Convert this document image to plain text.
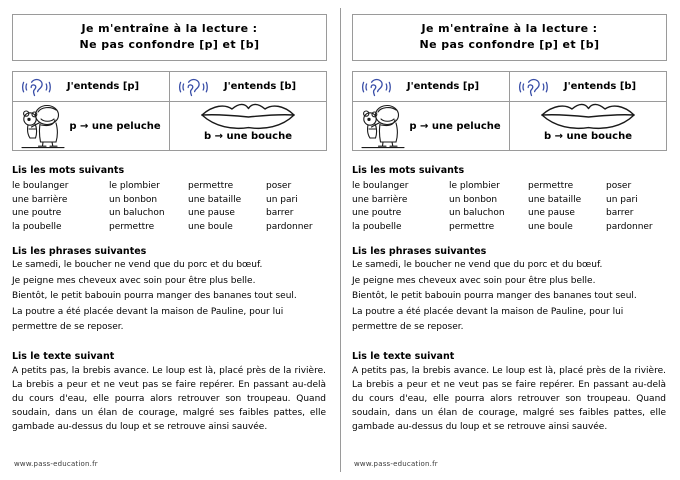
Je m'entraîne à la lecture :
Ne pas confondre [p] et [b]
J'entends [p]	J'entends [b]

p → une peluche	b → une bouche

Lis les mots suivants

le boulanger	le plombier	permettre	poser
une barrière	un bonbon	une bataille	un pari
une poutre	un baluchon	une pause	barrer
la poubelle	permettre	une boule	pardonner

Lis les phrases suivantes

Le samedi, le boucher ne vend que du porc et du bœuf.
Je peigne mes cheveux avec soin pour être plus belle.
Bientôt, le petit babouin pourra manger des bananes tout seul.
La poutre a été placée devant la maison de Pauline, pour lui permettre de se reposer.

Lis le texte suivant

A petits pas, la brebis avance. Le loup est là, placé près de la rivière. La brebis a peur et ne veut pas se faire repérer. En passant au-delà du cours d'eau, elle pourra alors retrouver son troupeau. Quand soudain, dans un élan de courage, malgré ses faibles pattes, elle gambade au-dessus du loup et se retrouve ainsi sauvée.
www.pass-education.fr
Je m'entraîne à la lecture :
Ne pas confondre [p] et [b]
J'entends [p]	J'entends [b]

p → une peluche	b → une bouche

Lis les mots suivants

le boulanger	le plombier	permettre	poser
une barrière	un bonbon	une bataille	un pari
une poutre	un baluchon	une pause	barrer
la poubelle	permettre	une boule	pardonner

Lis les phrases suivantes

Le samedi, le boucher ne vend que du porc et du bœuf.
Je peigne mes cheveux avec soin pour être plus belle.
Bientôt, le petit babouin pourra manger des bananes tout seul.
La poutre a été placée devant la maison de Pauline, pour lui permettre de se reposer.

Lis le texte suivant

A petits pas, la brebis avance. Le loup est là, placé près de la rivière. La brebis a peur et ne veut pas se faire repérer. En passant au-delà du cours d'eau, elle pourra alors retrouver son troupeau. Quand soudain, dans un élan de courage, malgré ses faibles pattes, elle gambade au-dessus du loup et se retrouve ainsi sauvée.
www.pass-education.fr
